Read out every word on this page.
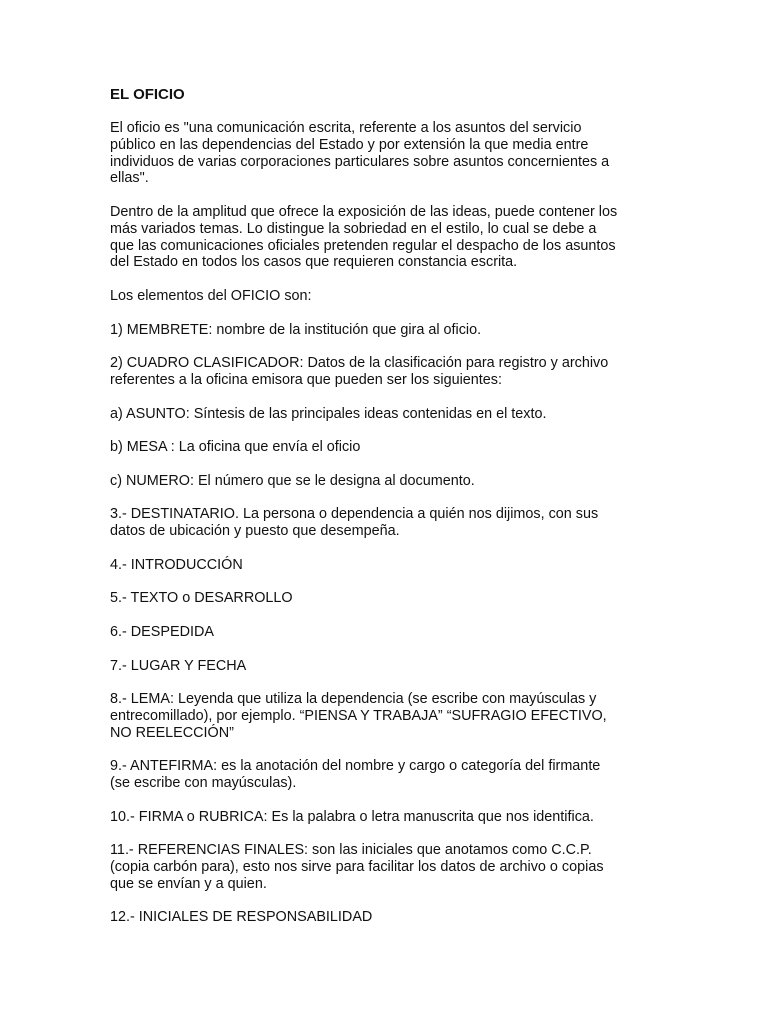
EL OFICIO
El oficio es "una comunicación escrita, referente a los asuntos del servicio
público en las dependencias del Estado y por extensión la que media entre
individuos de varias corporaciones particulares sobre asuntos concernientes a
ellas".
Dentro de la amplitud que ofrece la exposición de las ideas, puede contener los
más variados temas. Lo distingue la sobriedad en el estilo, lo cual se debe a
que las comunicaciones oficiales pretenden regular el despacho de los asuntos
del Estado en todos los casos que requieren constancia escrita.
Los elementos del OFICIO son:
1) MEMBRETE: nombre de la institución que gira al oficio.
2) CUADRO CLASIFICADOR: Datos de la clasificación para registro y archivo
referentes a la oficina emisora que pueden ser los siguientes:
a) ASUNTO: Síntesis de las principales ideas contenidas en el texto.
b) MESA : La oficina que envía el oficio
c) NUMERO: El número que se le designa al documento.
3.- DESTINATARIO. La persona o dependencia a quién nos dijimos, con sus
datos de ubicación y puesto que desempeña.
4.- INTRODUCCIÓN
5.- TEXTO o DESARROLLO
6.- DESPEDIDA
7.- LUGAR Y FECHA
8.- LEMA: Leyenda que utiliza la dependencia (se escribe con mayúsculas y
entrecomillado), por ejemplo. “PIENSA Y TRABAJA” “SUFRAGIO EFECTIVO,
NO REELECCIÓN”
9.- ANTEFIRMA: es la anotación del nombre y cargo o categoría del firmante
(se escribe con mayúsculas).
10.- FIRMA o RUBRICA: Es la palabra o letra manuscrita que nos identifica.
11.- REFERENCIAS FINALES: son las iniciales que anotamos como C.C.P.
(copia carbón para), esto nos sirve para facilitar los datos de archivo o copias
que se envían y a quien.
12.- INICIALES DE RESPONSABILIDAD
